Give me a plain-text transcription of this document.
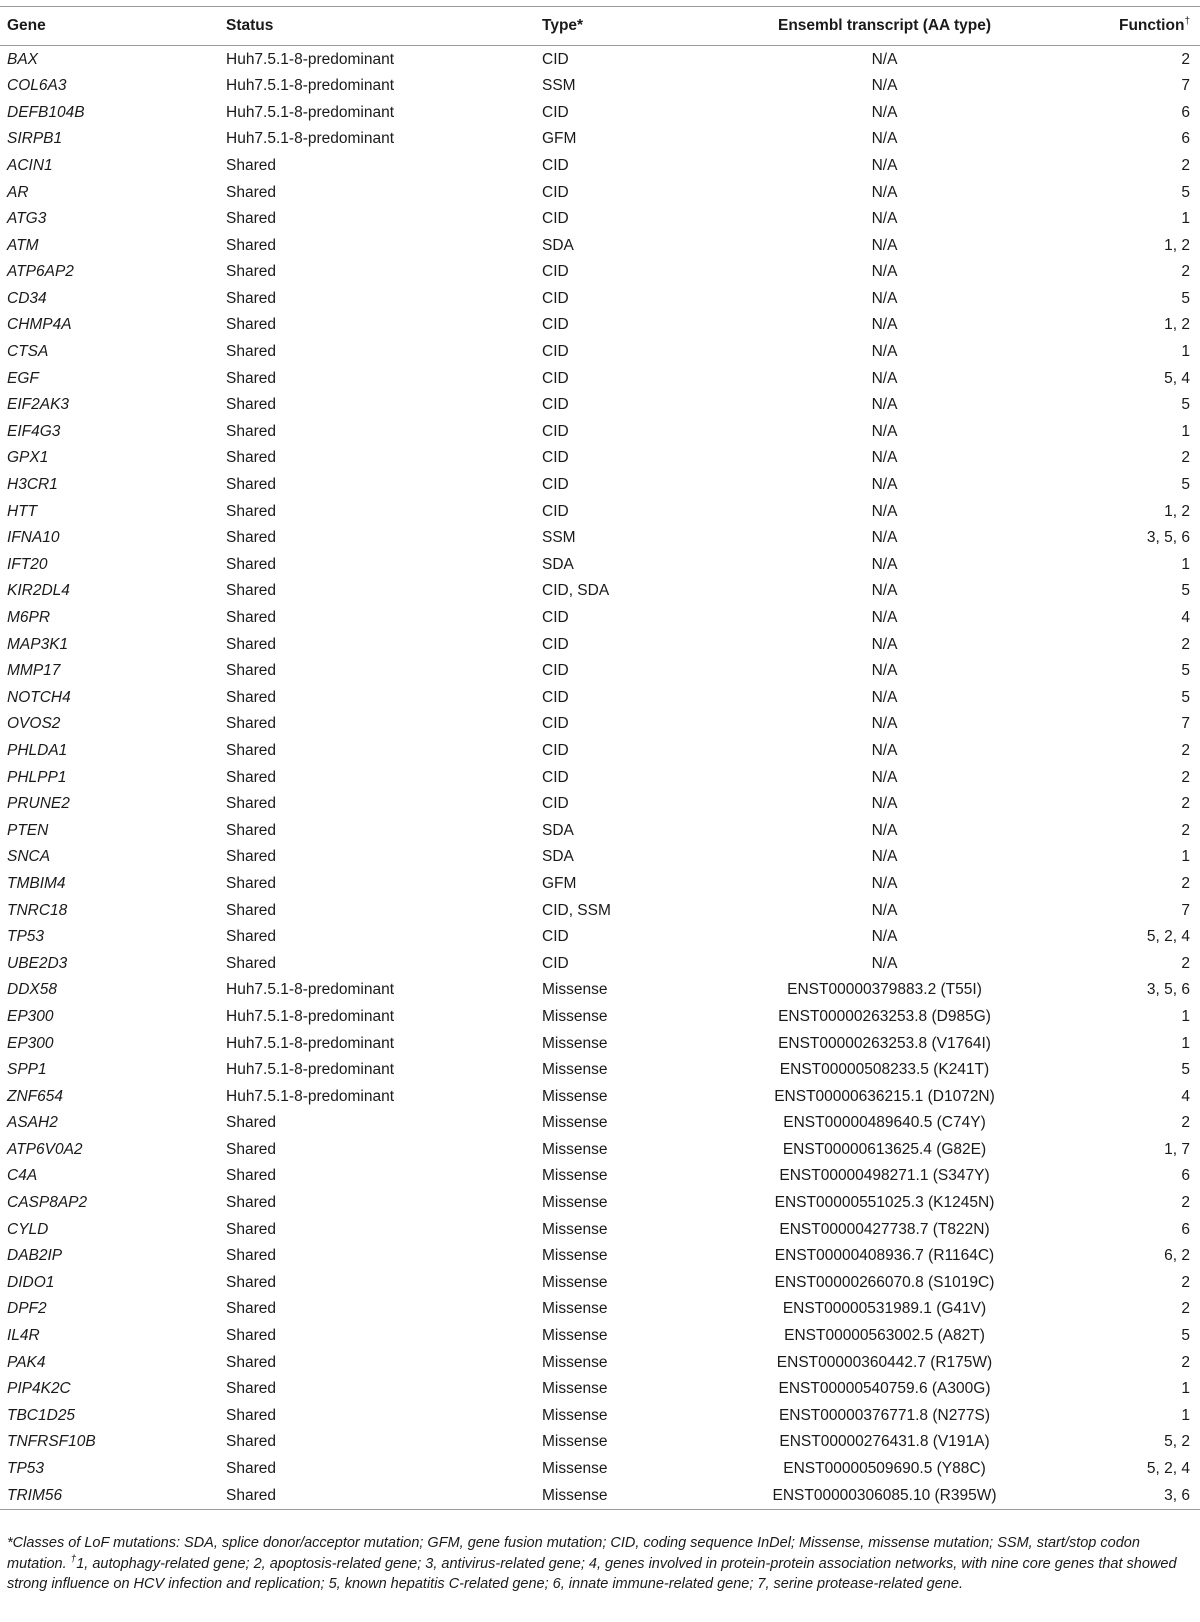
Gene	Status	Type*	Ensembl transcript (AA type)	Function†
BAX	Huh7.5.1-8-predominant	CID	N/A	2
COL6A3	Huh7.5.1-8-predominant	SSM	N/A	7
DEFB104B	Huh7.5.1-8-predominant	CID	N/A	6
SIRPB1	Huh7.5.1-8-predominant	GFM	N/A	6
ACIN1	Shared	CID	N/A	2
AR	Shared	CID	N/A	5
ATG3	Shared	CID	N/A	1
ATM	Shared	SDA	N/A	1, 2
ATP6AP2	Shared	CID	N/A	2
CD34	Shared	CID	N/A	5
CHMP4A	Shared	CID	N/A	1, 2
CTSA	Shared	CID	N/A	1
EGF	Shared	CID	N/A	5, 4
EIF2AK3	Shared	CID	N/A	5
EIF4G3	Shared	CID	N/A	1
GPX1	Shared	CID	N/A	2
H3CR1	Shared	CID	N/A	5
HTT	Shared	CID	N/A	1, 2
IFNA10	Shared	SSM	N/A	3, 5, 6
IFT20	Shared	SDA	N/A	1
KIR2DL4	Shared	CID, SDA	N/A	5
M6PR	Shared	CID	N/A	4
MAP3K1	Shared	CID	N/A	2
MMP17	Shared	CID	N/A	5
NOTCH4	Shared	CID	N/A	5
OVOS2	Shared	CID	N/A	7
PHLDA1	Shared	CID	N/A	2
PHLPP1	Shared	CID	N/A	2
PRUNE2	Shared	CID	N/A	2
PTEN	Shared	SDA	N/A	2
SNCA	Shared	SDA	N/A	1
TMBIM4	Shared	GFM	N/A	2
TNRC18	Shared	CID, SSM	N/A	7
TP53	Shared	CID	N/A	5, 2, 4
UBE2D3	Shared	CID	N/A	2
DDX58	Huh7.5.1-8-predominant	Missense	ENST00000379883.2 (T55I)	3, 5, 6
EP300	Huh7.5.1-8-predominant	Missense	ENST00000263253.8 (D985G)	1
EP300	Huh7.5.1-8-predominant	Missense	ENST00000263253.8 (V1764I)	1
SPP1	Huh7.5.1-8-predominant	Missense	ENST00000508233.5 (K241T)	5
ZNF654	Huh7.5.1-8-predominant	Missense	ENST00000636215.1 (D1072N)	4
ASAH2	Shared	Missense	ENST00000489640.5 (C74Y)	2
ATP6V0A2	Shared	Missense	ENST00000613625.4 (G82E)	1, 7
C4A	Shared	Missense	ENST00000498271.1 (S347Y)	6
CASP8AP2	Shared	Missense	ENST00000551025.3 (K1245N)	2
CYLD	Shared	Missense	ENST00000427738.7 (T822N)	6
DAB2IP	Shared	Missense	ENST00000408936.7 (R1164C)	6, 2
DIDO1	Shared	Missense	ENST00000266070.8 (S1019C)	2
DPF2	Shared	Missense	ENST00000531989.1 (G41V)	2
IL4R	Shared	Missense	ENST00000563002.5 (A82T)	5
PAK4	Shared	Missense	ENST00000360442.7 (R175W)	2
PIP4K2C	Shared	Missense	ENST00000540759.6 (A300G)	1
TBC1D25	Shared	Missense	ENST00000376771.8 (N277S)	1
TNFRSF10B	Shared	Missense	ENST00000276431.8 (V191A)	5, 2
TP53	Shared	Missense	ENST00000509690.5 (Y88C)	5, 2, 4
TRIM56	Shared	Missense	ENST00000306085.10 (R395W)	3, 6
*Classes of LoF mutations: SDA, splice donor/acceptor mutation; GFM, gene fusion mutation; CID, coding sequence InDel; Missense, missense mutation; SSM, start/stop codon mutation. †1, autophagy-related gene; 2, apoptosis-related gene; 3, antivirus-related gene; 4, genes involved in protein-protein association networks, with nine core genes that showed strong influence on HCV infection and replication; 5, known hepatitis C-related gene; 6, innate immune-related gene; 7, serine protease-related gene.
